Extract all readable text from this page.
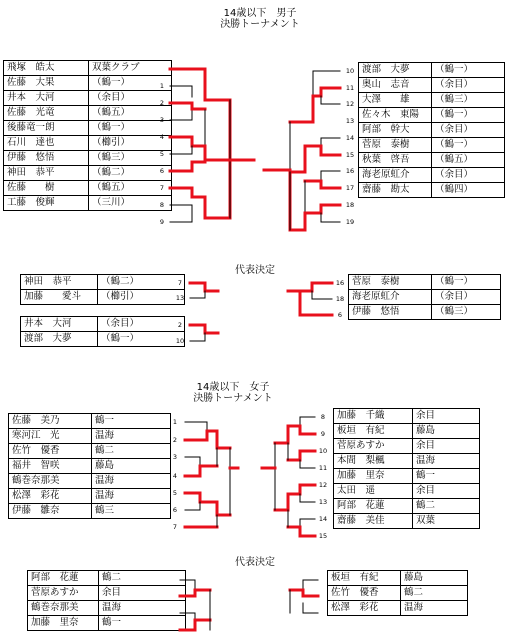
14歳以下　男子
決勝トーナメント
飛塚　皓太	双葉クラブ
佐藤　大果	（鶴一）
井本　大河	（余目）
佐藤　光竜	（鶴五）
後藤竜一朗	（鶴一）
石川　達也	（櫛引）
伊藤　悠悟	（鶴三）
神田　恭平	（鶴二）
佐藤　　樹	（鶴五）
工藤　俊輝	（三川）
渡部　大夢	（鶴一）
奥山　志音	（余目）
大澤　　雄	（鶴三）
佐々木　東陽	（鶴一）
阿部　幹大	（余目）
菅原　泰樹	（鶴一）
秋葉　啓吾	（鶴五）
海老原虹介	（余目）
齋藤　勘太	（鶴四）
代表決定
神田　恭平	（鶴二）
加藤　　愛斗	（櫛引）
井本　大河	（余目）
渡部　大夢	（鶴一）
菅原　泰樹	（鶴一）
海老原虹介	（余目）
伊藤　悠悟	（鶴三）
14歳以下　女子
決勝トーナメント
佐藤　美乃	鶴一
寒河江　光	温海
佐竹　優香	鶴二
福井　智咲	藤島
鶴巻奈那美	温海
松澤　彩花	温海
伊藤　雛奈	鶴三
加藤　千織	余目
板垣　有紀	藤島
菅原あすか	余目
本間　梨楓	温海
加藤　里奈	鶴一
太田　遥	余目
阿部　花蓮	鶴二
齋藤　美佳	双葉
代表決定
阿部　花蓮	鶴二
菅原あすか	余目
鶴巻奈那美	温海
加藤　里奈	鶴一
板垣　有紀	藤島
佐竹　優香	鶴二
松澤　彩花	温海
1
2
3
4
5
6
7
8
9
10
11
12
13
14
15
16
17
18
19
7
13
2
10
16
18
6
1
2
3
4
5
6
7
8
9
10
11
12
13
14
15
